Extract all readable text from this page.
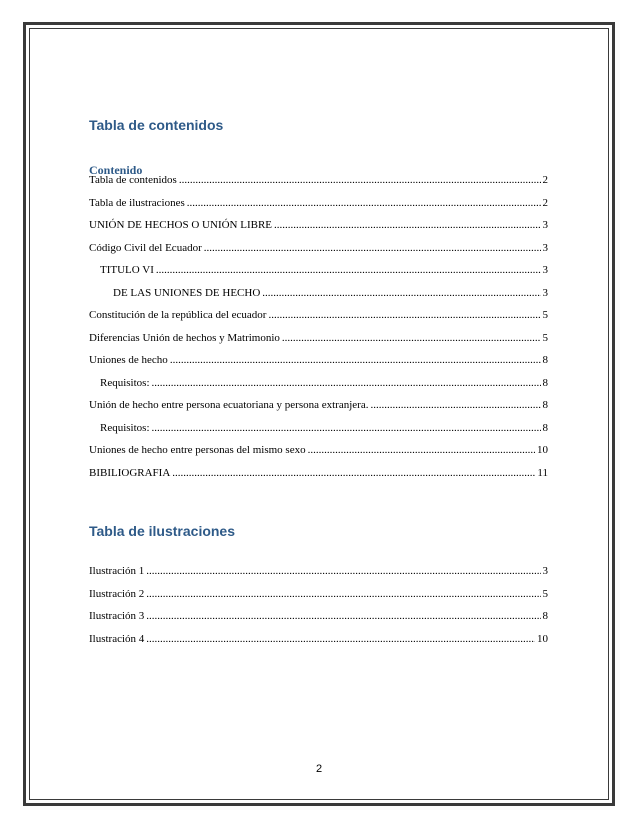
Tabla de contenidos
Contenido
Tabla de contenidos .....	2
Tabla de ilustraciones .....	2
UNIÓN DE HECHOS O UNIÓN LIBRE .....	3
Código Civil del Ecuador .....	3
TITULO VI .....	3
DE LAS UNIONES DE HECHO .....	3
Constitución de la república del ecuador .....	5
Diferencias Unión de hechos y Matrimonio .....	5
Uniones de hecho .....	8
Requisitos: .....	8
Unión de hecho entre persona ecuatoriana y persona extranjera. .....	8
Requisitos: .....	8
Uniones de hecho entre personas del mismo sexo .....	10
BIBILIOGRAFIA .....	11
Tabla de ilustraciones
Ilustración 1 .....	3
Ilustración 2 .....	5
Ilustración 3 .....	8
Ilustración 4 .....	10
2
